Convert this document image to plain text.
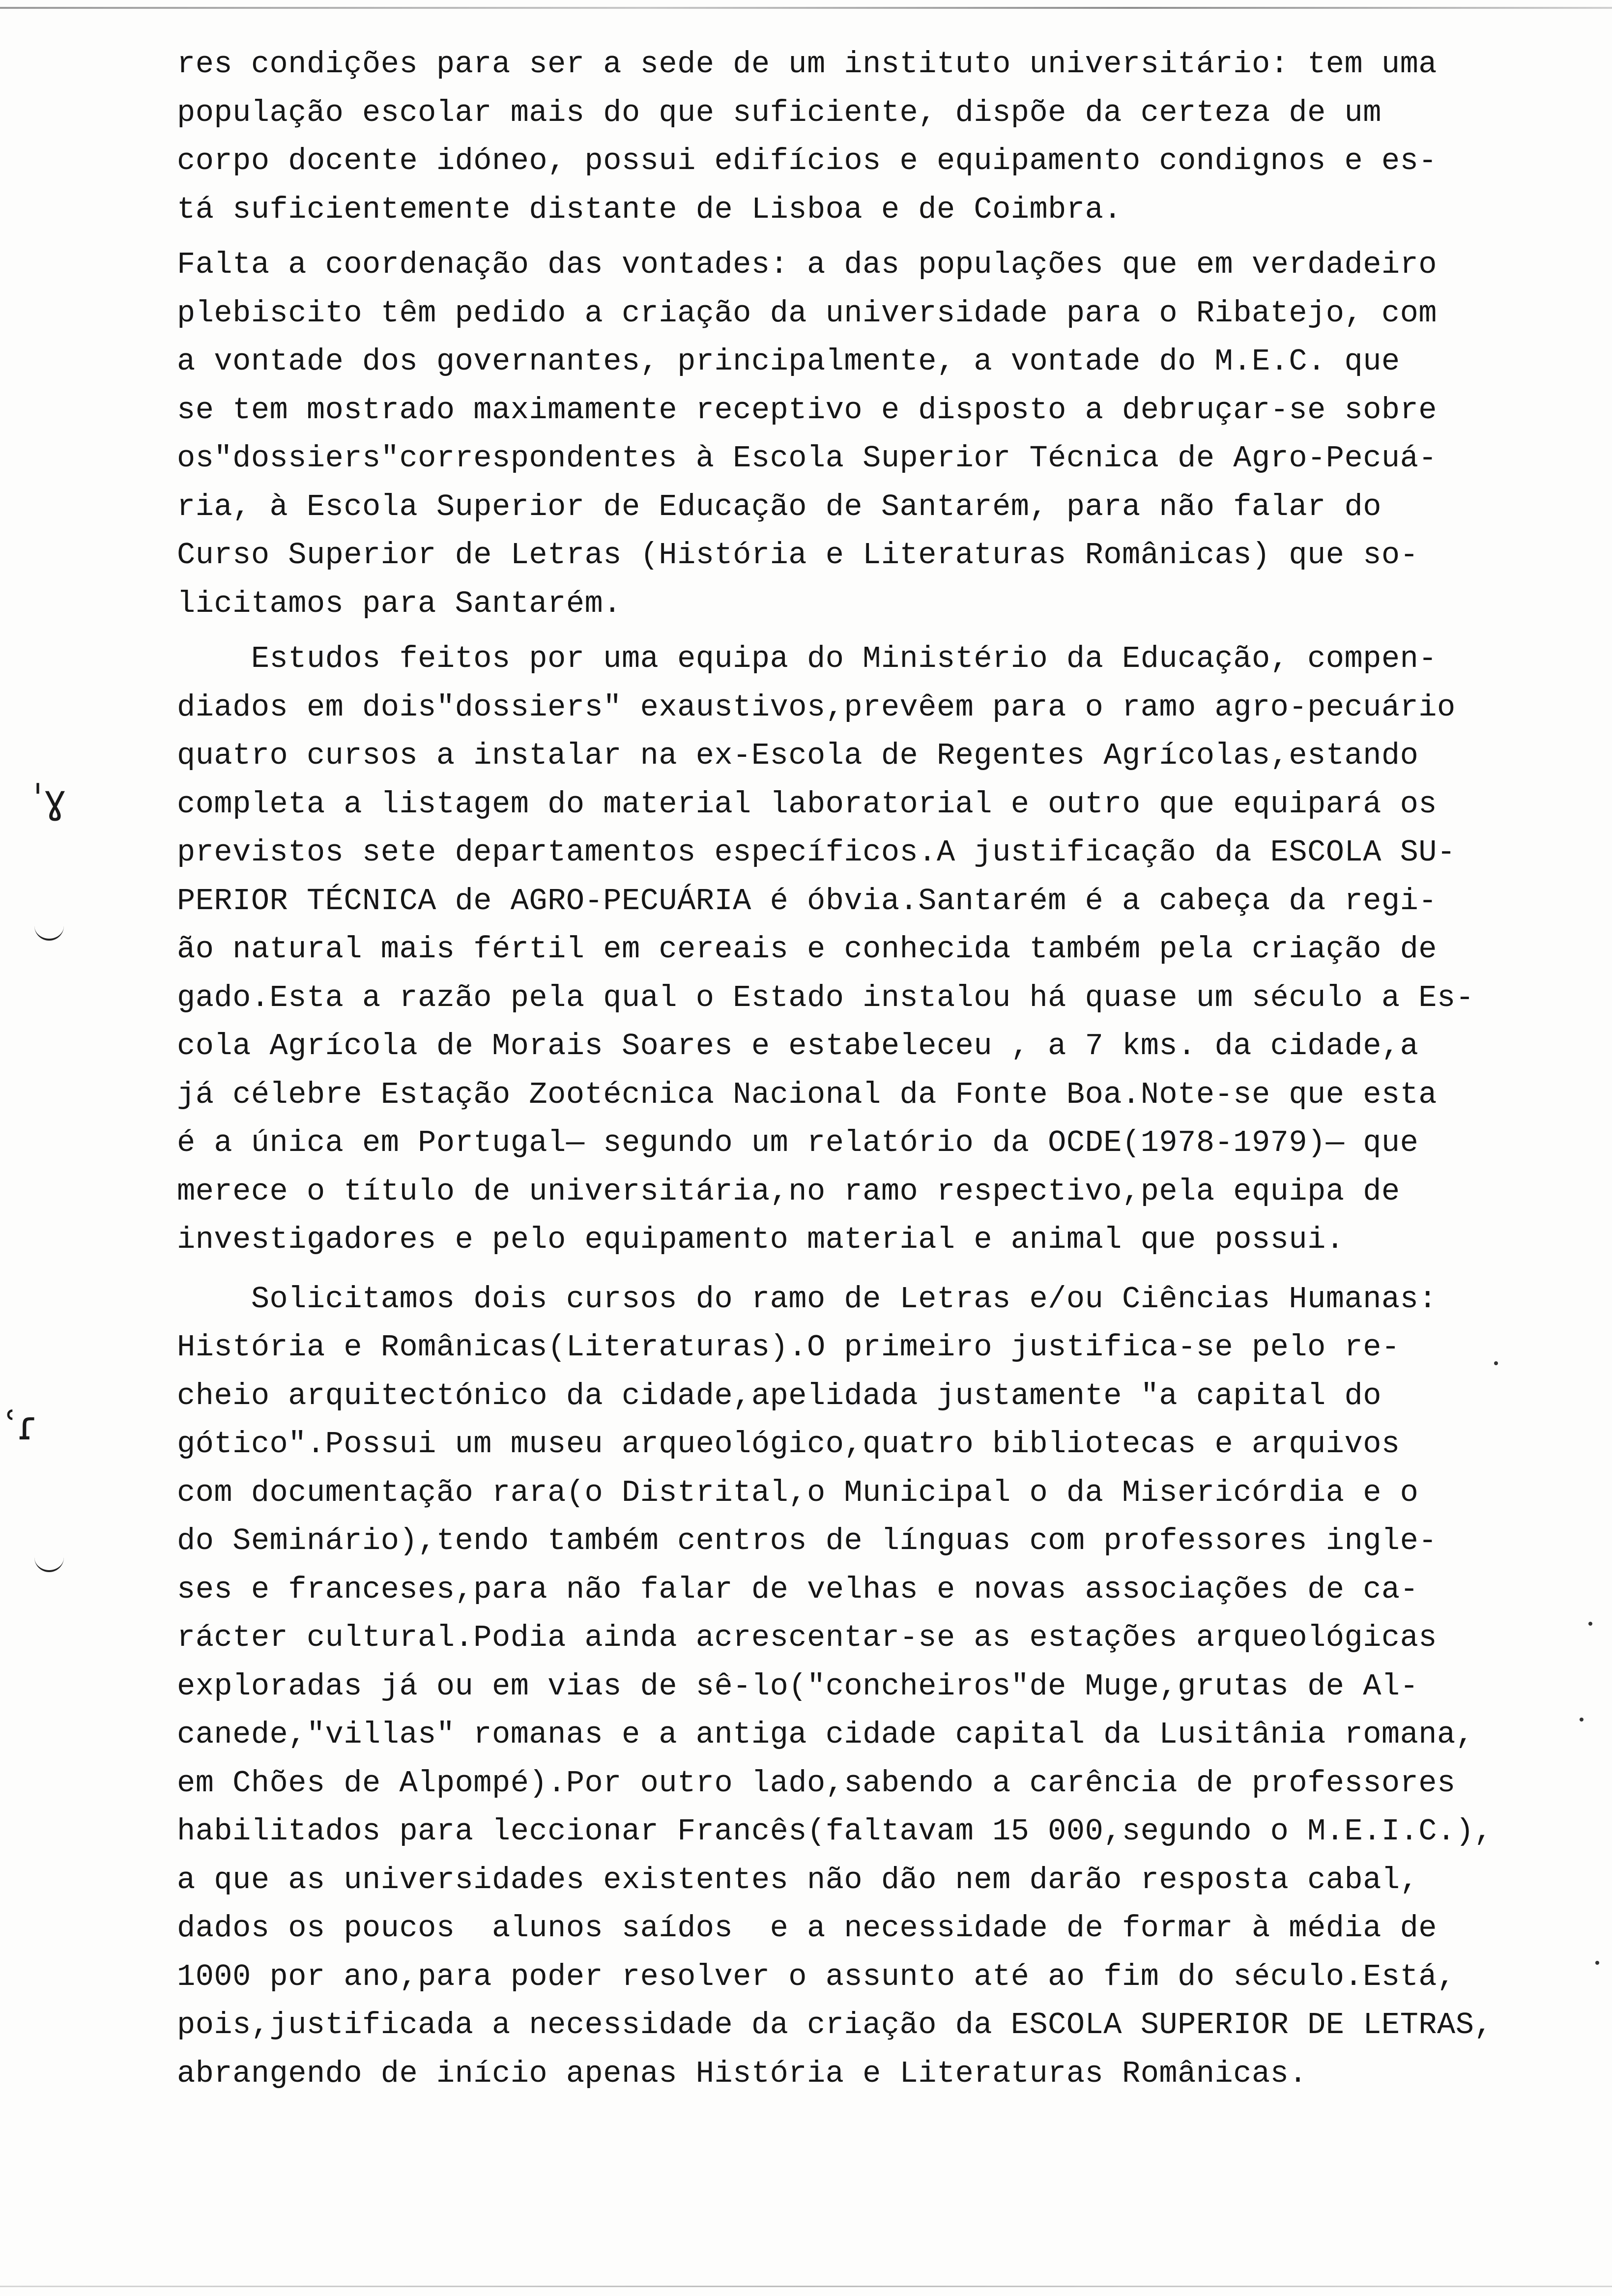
ˈɣ
ʿɾ
res condições para ser a sede de um instituto universitário: tem uma
população escolar mais do que suficiente, dispõe da certeza de um
corpo docente idóneo, possui edifícios e equipamento condignos e es-
tá suficientemente distante de Lisboa e de Coimbra.
Falta a coordenação das vontades: a das populações que em verdadeiro
plebiscito têm pedido a criação da universidade para o Ribatejo, com
a vontade dos governantes, principalmente, a vontade do M.E.C. que
se tem mostrado maximamente receptivo e disposto a debruçar-se sobre
os"dossiers"correspondentes à Escola Superior Técnica de Agro-Pecuá-
ria, à Escola Superior de Educação de Santarém, para não falar do
Curso Superior de Letras (História e Literaturas Românicas) que so-
licitamos para Santarém.
Estudos feitos por uma equipa do Ministério da Educação, compen-
diados em dois"dossiers" exaustivos,prevêem para o ramo agro-pecuário
quatro cursos a instalar na ex-Escola de Regentes Agrícolas,estando
completa a listagem do material laboratorial e outro que equipará os
previstos sete departamentos específicos.A justificação da ESCOLA SU-
PERIOR TÉCNICA de AGRO-PECUÁRIA é óbvia.Santarém é a cabeça da regi-
ão natural mais fértil em cereais e conhecida também pela criação de
gado.Esta a razão pela qual o Estado instalou há quase um século a Es-
cola Agrícola de Morais Soares e estabeleceu , a 7 kms. da cidade,a
já célebre Estação Zootécnica Nacional da Fonte Boa.Note-se que esta
é a única em Portugal— segundo um relatório da OCDE(1978-1979)— que
merece o título de universitária,no ramo respectivo,pela equipa de
investigadores e pelo equipamento material e animal que possui.
Solicitamos dois cursos do ramo de Letras e/ou Ciências Humanas:
História e Românicas(Literaturas).O primeiro justifica-se pelo re-
cheio arquitectónico da cidade,apelidada justamente "a capital do
gótico".Possui um museu arqueológico,quatro bibliotecas e arquivos
com documentação rara(o Distrital,o Municipal o da Misericórdia e o
do Seminário),tendo também centros de línguas com professores ingle-
ses e franceses,para não falar de velhas e novas associações de ca-
rácter cultural.Podia ainda acrescentar-se as estações arqueológicas
exploradas já ou em vias de sê-lo("concheiros"de Muge,grutas de Al-
canede,"villas" romanas e a antiga cidade capital da Lusitânia romana,
em Chões de Alpompé).Por outro lado,sabendo a carência de professores
habilitados para leccionar Francês(faltavam 15 000,segundo o M.E.I.C.),
a que as universidades existentes não dão nem darão resposta cabal,
dados os poucos  alunos saídos  e a necessidade de formar à média de
1000 por ano,para poder resolver o assunto até ao fim do século.Está,
pois,justificada a necessidade da criação da ESCOLA SUPERIOR DE LETRAS,
abrangendo de início apenas História e Literaturas Românicas.
